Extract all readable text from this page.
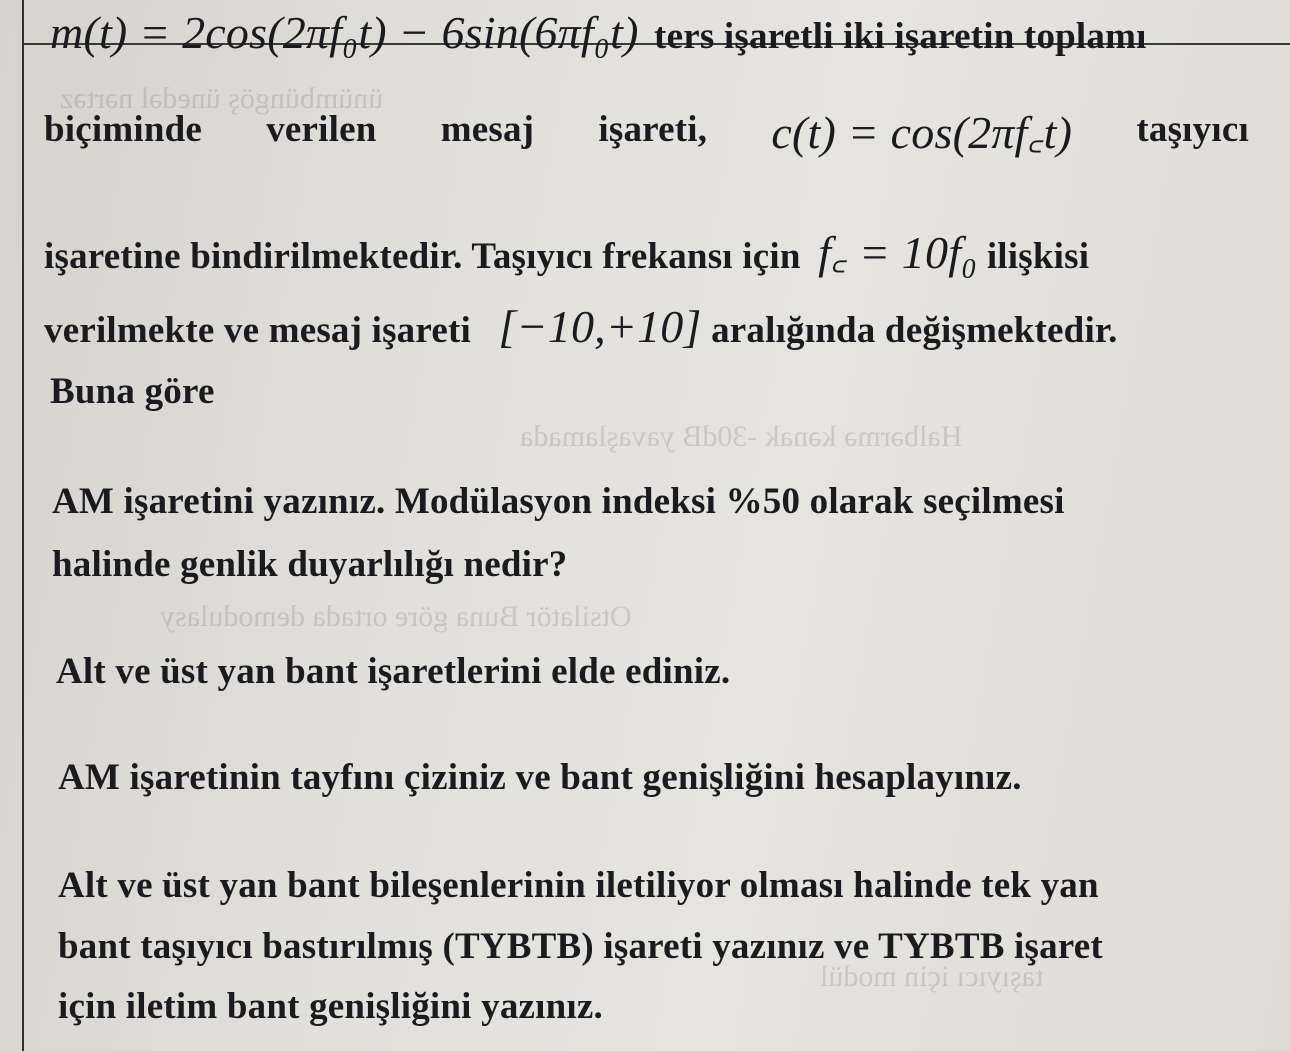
ünümbüngöş ünedəl nərtəz
Halbərmə kənak -30dB yavaşlamada
Otsilatör Buna göre ortada demodulasy
taşıyıcı için modül
m(t) = 2cos(2πf₀t) − 6sin(6πf₀t) ters işaretli iki işaretin toplamı
biçiminde verilen mesaj işareti, c(t) = cos(2πf꜀t) taşıyıcı
işaretine bindirilmektedir. Taşıyıcı frekansı için f꜀ = 10f₀ ilişkisi
verilmekte ve mesaj işareti [−10,+10] aralığında değişmektedir.
Buna göre
AM işaretini yazınız. Modülasyon indeksi %50 olarak seçilmesi
halinde genlik duyarlılığı nedir?
Alt ve üst yan bant işaretlerini elde ediniz.
AM işaretinin tayfını çiziniz ve bant genişliğini hesaplayınız.
Alt ve üst yan bant bileşenlerinin iletiliyor olması halinde tek yan
bant taşıyıcı bastırılmış (TYBTB) işareti yazınız ve TYBTB işaret
için iletim bant genişliğini yazınız.
